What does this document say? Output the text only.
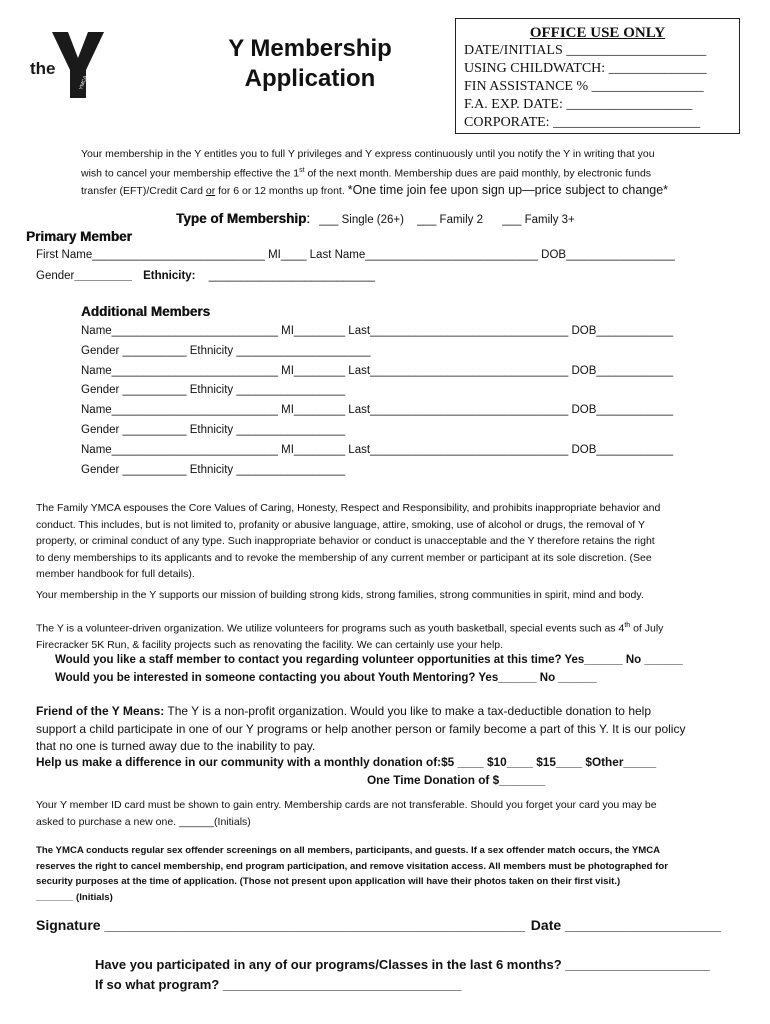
the
YMCA
Y Membership
Application
OFFICE USE ONLY
DATE/INITIALS ____________________
USING CHILDWATCH: ______________
FIN ASSISTANCE % ________________
F.A. EXP. DATE: __________________
CORPORATE: _____________________
Your membership in the Y entitles you to full Y privileges and Y express continuously until you notify the Y in writing that you
wish to cancel your membership effective the 1st of the next month. Membership dues are paid monthly, by electronic funds
transfer (EFT)/Credit Card or for 6 or 12 months up front. *One time join fee upon sign up—price subject to change*
Type of Membership: ___ Single (26+) ___ Family 2 ___ Family 3+
Primary Member
First Name___________________________ MI____ Last Name___________________________ DOB_________________
Gender_________ Ethnicity: __________________________
Additional Members
Name__________________________ MI________ Last_______________________________ DOB____________
Gender __________ Ethnicity _____________________
Name__________________________ MI________ Last_______________________________ DOB____________
Gender __________ Ethnicity _________________
Name__________________________ MI________ Last_______________________________ DOB____________
Gender __________ Ethnicity _________________
Name__________________________ MI________ Last_______________________________ DOB____________
Gender __________ Ethnicity _________________
The Family YMCA espouses the Core Values of Caring, Honesty, Respect and Responsibility, and prohibits inappropriate behavior and
conduct. This includes, but is not limited to, profanity or abusive language, attire, smoking, use of alcohol or drugs, the removal of Y
property, or criminal conduct of any type. Such inappropriate behavior or conduct is unacceptable and the Y therefore retains the right
to deny memberships to its applicants and to revoke the membership of any current member or participant at its sole discretion. (See
member handbook for full details).
Your membership in the Y supports our mission of building strong kids, strong families, strong communities in spirit, mind and body.
The Y is a volunteer-driven organization. We utilize volunteers for programs such as youth basketball, special events such as 4th of July
Firecracker 5K Run, & facility projects such as renovating the facility. We can certainly use your help.
Would you like a staff member to contact you regarding volunteer opportunities at this time? Yes______ No ______
Would you be interested in someone contacting you about Youth Mentoring? Yes______ No ______
Friend of the Y Means: The Y is a non-profit organization. Would you like to make a tax-deductible donation to help
support a child participate in one of our Y programs or help another person or family become a part of this Y. It is our policy
that no one is turned away due to the inability to pay.
Help us make a difference in our community with a monthly donation of:$5 ____ $10____ $15____ $Other_____
One Time Donation of $_______
Your Y member ID card must be shown to gain entry. Membership cards are not transferable. Should you forget your card you may be
asked to purchase a new one. ______(Initials)
The YMCA conducts regular sex offender screenings on all members, participants, and guests. If a sex offender match occurs, the YMCA
reserves the right to cancel membership, end program participation, and remove visitation access. All members must be photographed for
security purposes at the time of application. (Those not present upon application will have their photos taken on their first visit.)
_______ (Initials)
Signature ______________________________________________________ Date ____________________
Have you participated in any of our programs/Classes in the last 6 months? ____________________
If so what program? _________________________________
